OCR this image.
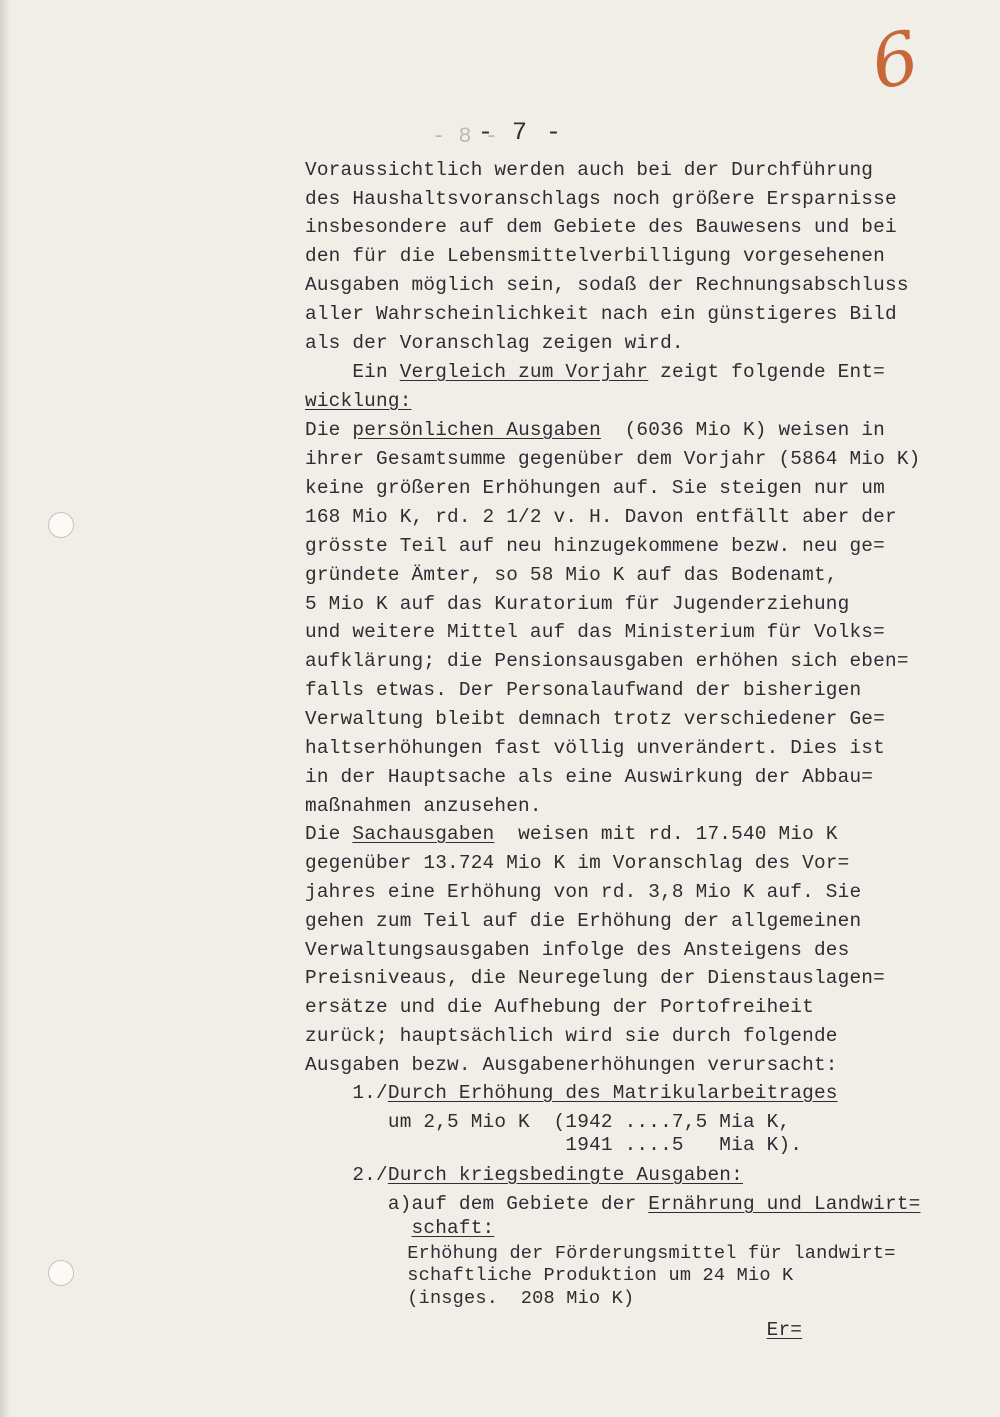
6
- 8 -
- 7 -

Voraussichtlich werden auch bei der Durchführung

des Haushaltsvoranschlags noch größere Ersparnisse

insbesondere auf dem Gebiete des Bauwesens und bei

den für die Lebensmittelverbilligung vorgesehenen

Ausgaben möglich sein, sodaß der Rechnungsabschluss

aller Wahrscheinlichkeit nach ein günstigeres Bild

als der Voranschlag zeigen wird.

Ein Vergleich zum Vorjahr zeigt folgende Ent=

wicklung:

Die persönlichen Ausgaben  (6036 Mio K) weisen in

ihrer Gesamtsumme gegenüber dem Vorjahr (5864 Mio K)

keine größeren Erhöhungen auf. Sie steigen nur um

168 Mio K, rd. 2 1/2 v. H. Davon entfällt aber der

grösste Teil auf neu hinzugekommene bezw. neu ge=

gründete Ämter, so 58 Mio K auf das Bodenamt,

5 Mio K auf das Kuratorium für Jugenderziehung

und weitere Mittel auf das Ministerium für Volks=

aufklärung; die Pensionsausgaben erhöhen sich eben=

falls etwas. Der Personalaufwand der bisherigen

Verwaltung bleibt demnach trotz verschiedener Ge=

haltserhöhungen fast völlig unverändert. Dies ist

in der Hauptsache als eine Auswirkung der Abbau=

maßnahmen anzusehen.

Die Sachausgaben  weisen mit rd. 17.540 Mio K

gegenüber 13.724 Mio K im Voranschlag des Vor=

jahres eine Erhöhung von rd. 3,8 Mio K auf. Sie

gehen zum Teil auf die Erhöhung der allgemeinen

Verwaltungsausgaben infolge des Ansteigens des

Preisniveaus, die Neuregelung der Dienstauslagen=

ersätze und die Aufhebung der Portofreiheit

zurück; hauptsächlich wird sie durch folgende

Ausgaben bezw. Ausgabenerhöhungen verursacht:

1./Durch Erhöhung des Matrikularbeitrages

um 2,5 Mio K  (1942 ....7,5 Mia K,

1941 ....5   Mia K).

2./Durch kriegsbedingte Ausgaben:

a)auf dem Gebiete der Ernährung und Landwirt=

schaft:

Erhöhung der Förderungsmittel für landwirt=

schaftliche Produktion um 24 Mio K

(insges.  208 Mio K)

Er=
